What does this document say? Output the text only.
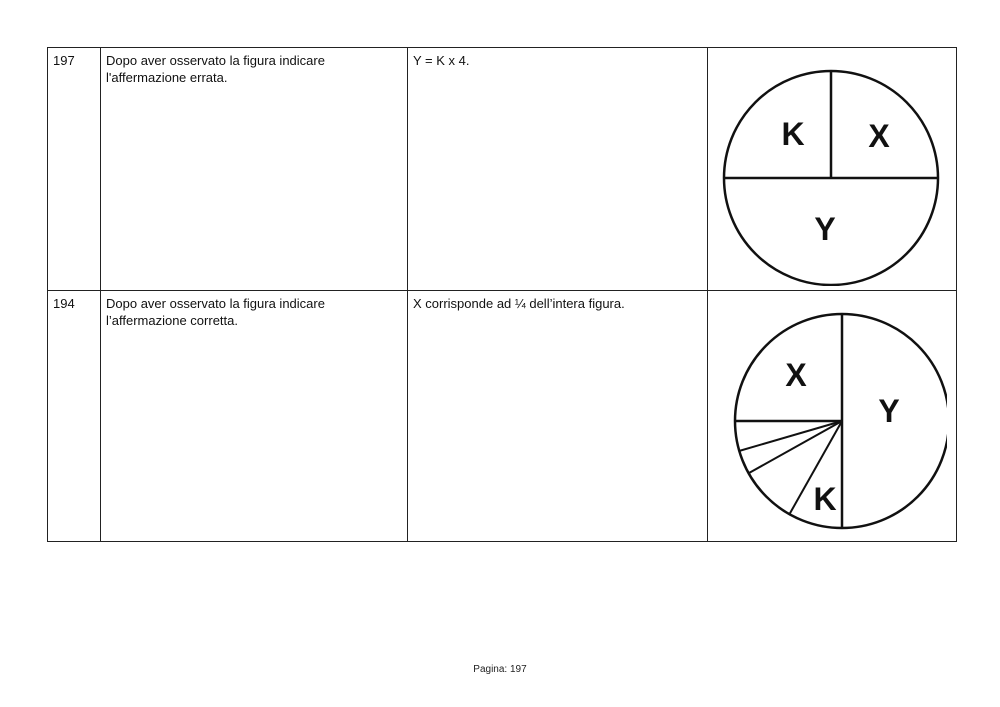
197	Dopo aver osservato la figura indicare l'affermazione errata.	Y = K x 4.	K X
Y

194	Dopo aver osservato la figura indicare l’affermazione corretta.	X corrisponde ad ¼ dell’intera figura.	X
Y
K
Pagina: 197
